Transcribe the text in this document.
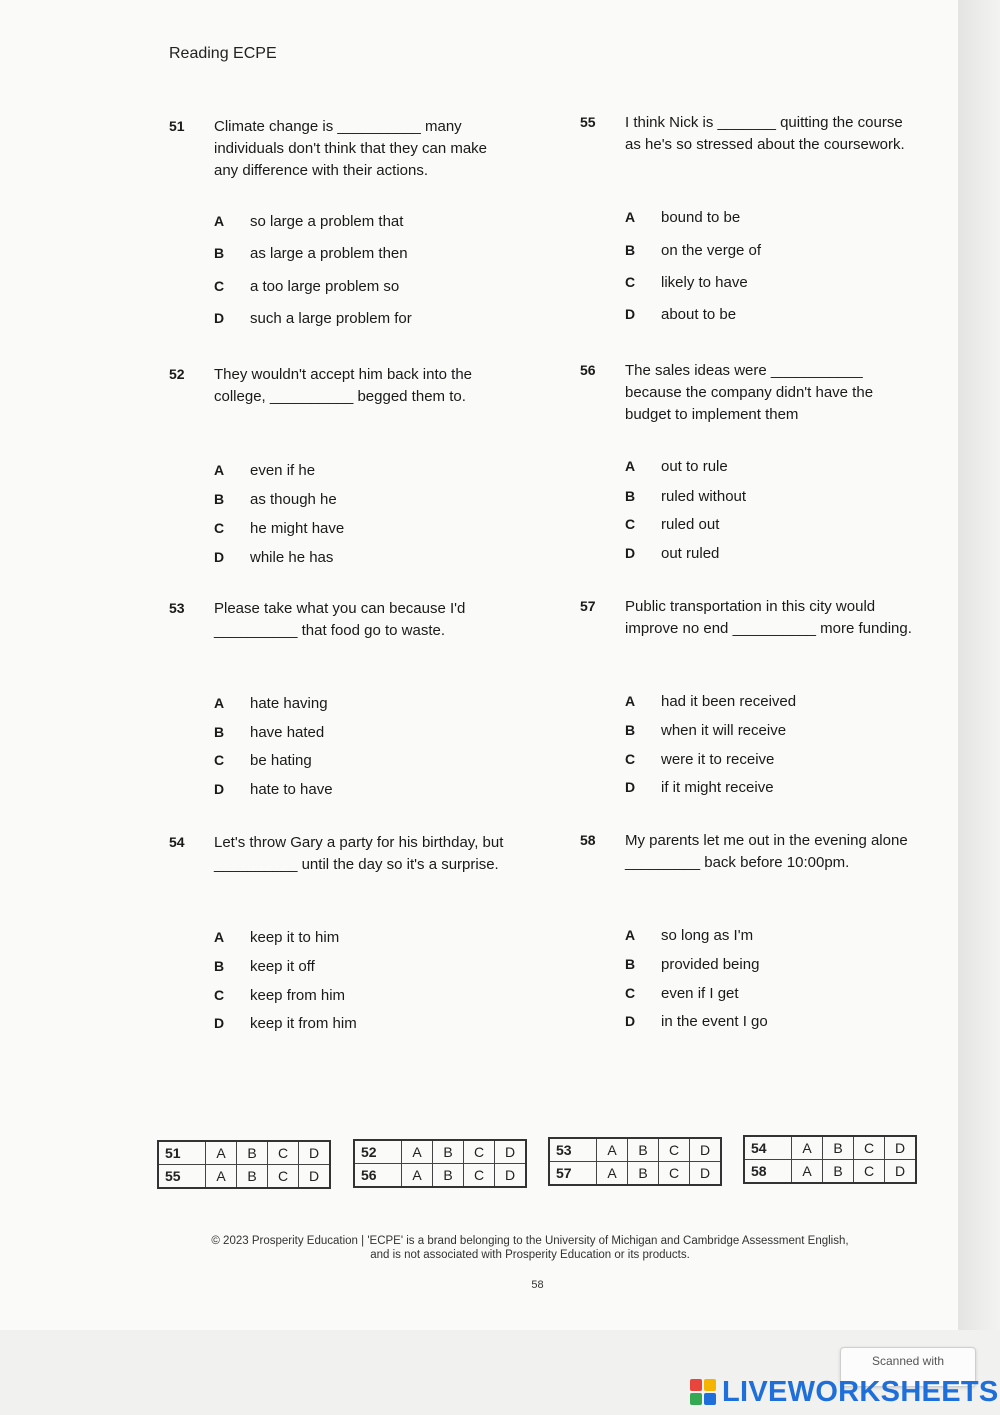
Reading ECPE
51 Climate change is __________ many individuals don't think that they can make any difference with their actions.
A so large a problem that
B as large a problem then
C a too large problem so
D such a large problem for
52 They wouldn't accept him back into the college, __________ begged them to.
A even if he
B as though he
C he might have
D while he has
53 Please take what you can because I'd __________ that food go to waste.
A hate having
B have hated
C be hating
D hate to have
54 Let's throw Gary a party for his birthday, but __________ until the day so it's a surprise.
A keep it to him
B keep it off
C keep from him
D keep it from him
55 I think Nick is _______ quitting the course as he's so stressed about the coursework.
A bound to be
B on the verge of
C likely to have
D about to be
56 The sales ideas were ___________ because the company didn't have the budget to implement them
A out to rule
B ruled without
C ruled out
D out ruled
57 Public transportation in this city would improve no end __________ more funding.
A had it been received
B when it will receive
C were it to receive
D if it might receive
58 My parents let me out in the evening alone _________ back before 10:00pm.
A so long as I'm
B provided being
C even if I get
D in the event I go
51	A	B	C	D
55	A	B	C	D
52	A	B	C	D
56	A	B	C	D
53	A	B	C	D
57	A	B	C	D
54	A	B	C	D
58	A	B	C	D
© 2023 Prosperity Education | 'ECPE' is a brand belonging to the University of Michigan and Cambridge Assessment English,
and is not associated with Prosperity Education or its products.
58
Scanned with
LIVEWORKSHEETS
